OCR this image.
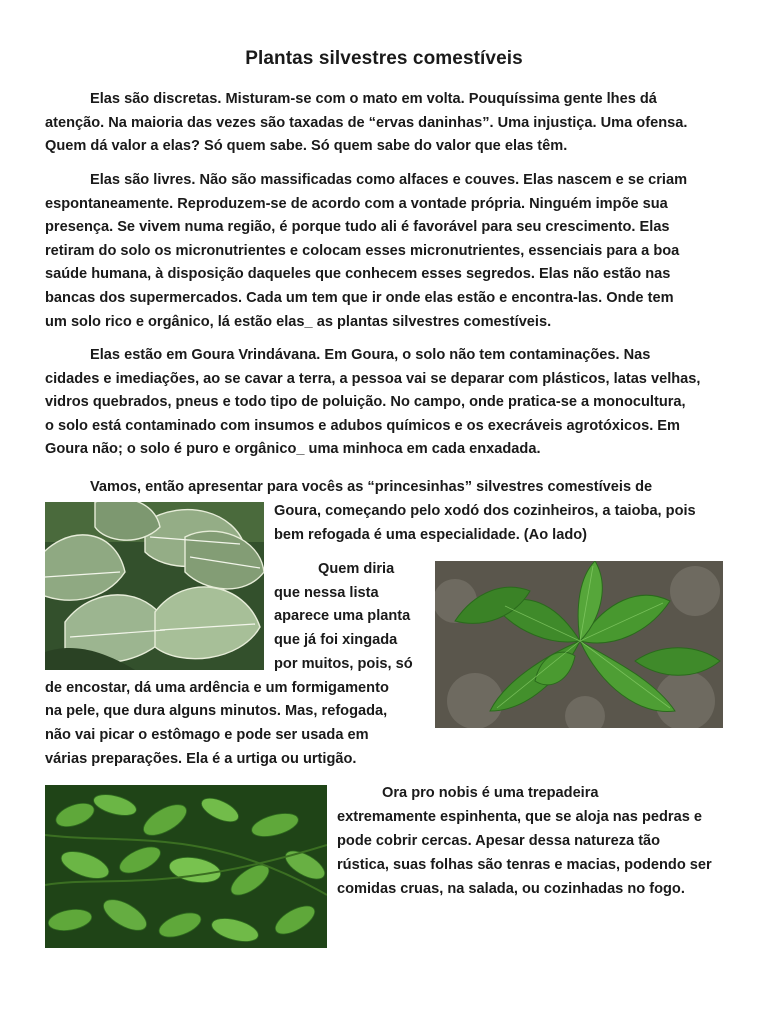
Plantas silvestres comestíveis

Elas são discretas. Misturam-se com o mato em volta. Pouquíssima gente lhes dá
atenção. Na maioria das vezes são taxadas de “ervas daninhas”. Uma injustiça. Uma ofensa.
Quem dá valor a elas? Só quem sabe. Só quem sabe do valor que elas têm.

Elas são livres. Não são massificadas como alfaces e couves. Elas nascem e se criam
espontaneamente. Reproduzem-se de acordo com a vontade própria. Ninguém impõe sua
presença. Se vivem numa região, é porque tudo ali é favorável para seu crescimento. Elas
retiram do solo os micronutrientes e colocam esses micronutrientes, essenciais para a boa
saúde humana, à disposição daqueles que conhecem esses segredos. Elas não estão nas
bancas dos supermercados. Cada um tem que ir onde elas estão e encontra-las. Onde tem
um solo rico e orgânico, lá estão elas_ as plantas silvestres comestíveis.

Elas estão em Goura Vrindávana. Em Goura, o solo não tem contaminações. Nas
cidades e imediações, ao se cavar a terra, a pessoa vai se deparar com plásticos, latas velhas,
vidros quebrados, pneus e todo tipo de poluição. No campo, onde pratica-se a monocultura,
o solo está contaminado com insumos e adubos químicos e os execráveis agrotóxicos. Em
Goura não; o solo é puro e orgânico_ uma minhoca em cada enxadada.

Vamos, então apresentar para vocês as “princesinhas” silvestres comestíveis de

Goura, começando pelo xodó dos cozinheiros, a taioba, pois
bem refogada é uma especialidade. (Ao lado)
Quem diria
que nessa lista
aparece uma planta
que já foi xingada
por muitos, pois, só
de encostar, dá uma ardência e um formigamento
na pele, que dura alguns minutos. Mas, refogada,
não vai picar o estômago e pode ser usada em
várias preparações. Ela é a urtiga ou urtigão.
Ora pro nobis é uma trepadeira
extremamente espinhenta, que se aloja nas pedras e
pode cobrir cercas. Apesar dessa natureza tão
rústica, suas folhas são tenras e macias, podendo ser
comidas cruas, na salada, ou cozinhadas no fogo.
